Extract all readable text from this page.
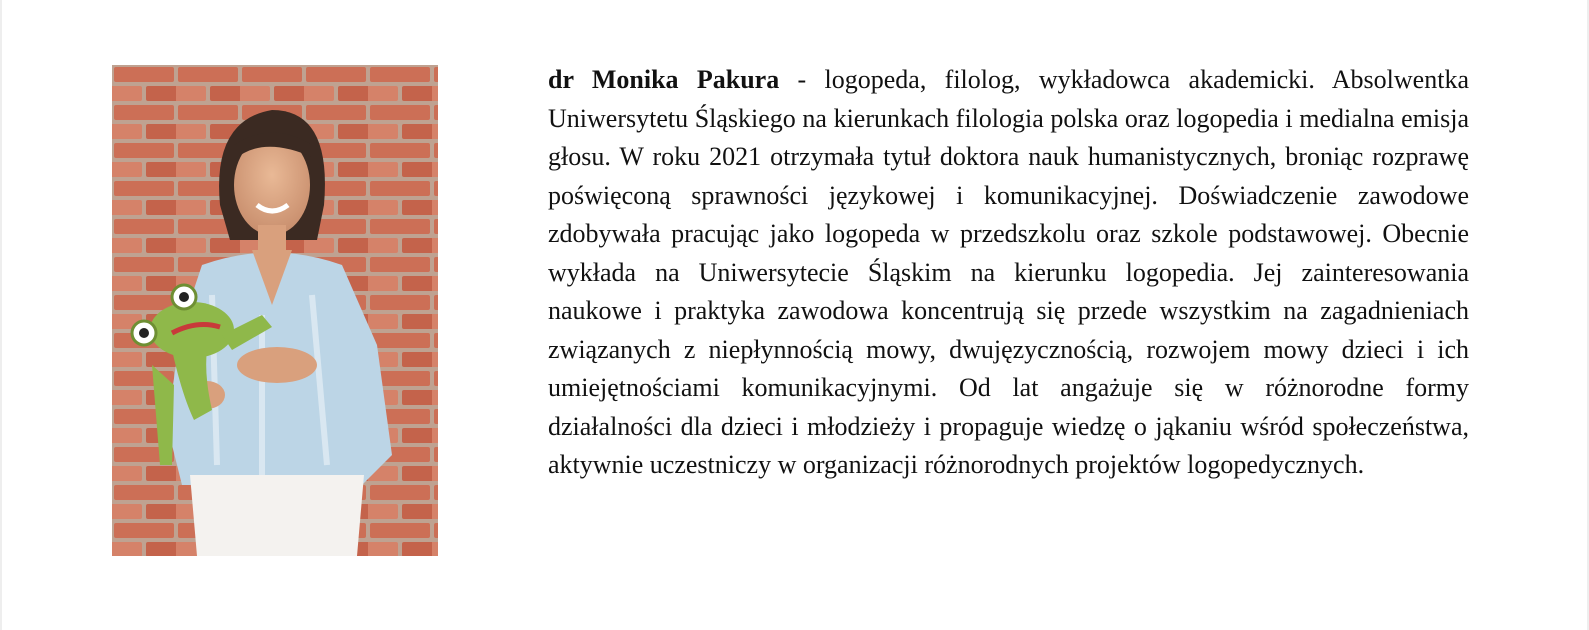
dr Monika Pakura - logopeda, filolog, wykładowca akademicki. Absolwentka Uniwersytetu Śląskiego na kierunkach filologia polska oraz logopedia i medialna emisja głosu. W roku 2021 otrzymała tytuł doktora nauk humanistycznych, broniąc rozprawę poświęconą sprawności językowej i komunikacyjnej. Doświadczenie zawodowe zdobywała pracując jako logopeda w przedszkolu oraz szkole podstawowej. Obecnie wykłada na Uniwersytecie Śląskim na kierunku logopedia. Jej zainteresowania naukowe i praktyka zawodowa koncentrują się przede wszystkim na zagadnieniach związanych z niepłynnością mowy, dwujęzycznością, rozwojem mowy dzieci i ich umiejętnościami komunikacyjnymi. Od lat angażuje się w różnorodne formy działalności dla dzieci i młodzieży i propaguje wiedzę o jąkaniu wśród społeczeństwa, aktywnie uczestniczy w organizacji różnorodnych projektów logopedycznych.
